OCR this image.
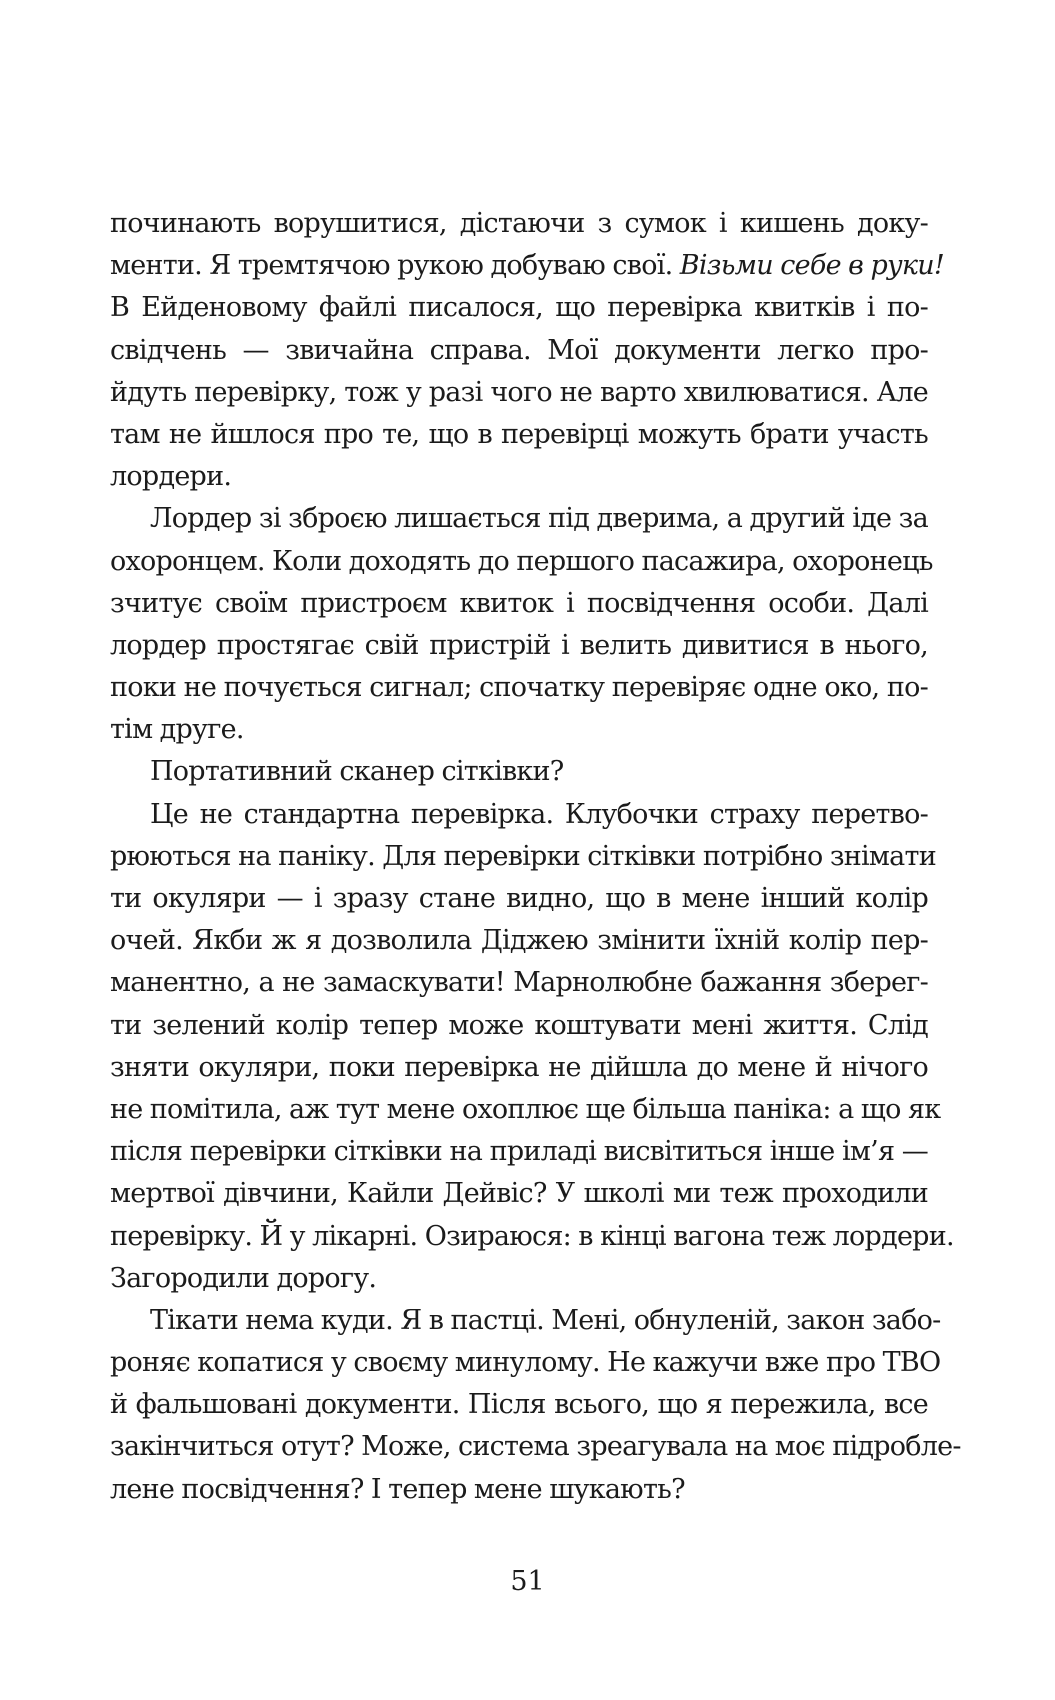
починають ворушитися, дістаючи з сумок і кишень доку-
менти. Я тремтячою рукою добуваю свої. Візьми себе в руки!
В Ейденовому файлі писалося, що перевірка квитків і по-
свідчень — звичайна справа. Мої документи легко про-
йдуть перевірку, тож у разі чого не варто хвилюватися. Але
там не йшлося про те, що в перевірці можуть брати участь
лордери.
Лордер зі зброєю лишається під дверима, а другий іде за
охоронцем. Коли доходять до першого пасажира, охоронець
зчитує своїм пристроєм квиток і посвідчення особи. Далі
лордер простягає свій пристрій і велить дивитися в нього,
поки не почується сигнал; спочатку перевіряє одне око, по-
тім друге.
Портативний сканер сітківки?
Це не стандартна перевірка. Клубочки страху перетво-
рюються на паніку. Для перевірки сітківки потрібно знімати
ти окуляри — і зразу стане видно, що в мене інший колір
очей. Якби ж я дозволила Діджею змінити їхній колір пер-
манентно, а не замаскувати! Марнолюбне бажання зберег-
ти зелений колір тепер може коштувати мені життя. Слід
зняти окуляри, поки перевірка не дійшла до мене й нічого
не помітила, аж тут мене охоплює ще більша паніка: а що як
після перевірки сітківки на приладі висвітиться інше ім’я —
мертвої дівчини, Кайли Дейвіс? У школі ми теж проходили
перевірку. Й у лікарні. Озираюся: в кінці вагона теж лордери.
Загородили дорогу.
Тікати нема куди. Я в пастці. Мені, обнуленій, закон забо-
роняє копатися у своєму минулому. Не кажучи вже про ТВО
й фальшовані документи. Після всього, що я пережила, все
закінчиться отут? Може, система зреагувала на моє підробле-
лене посвідчення? І тепер мене шукають?
51
